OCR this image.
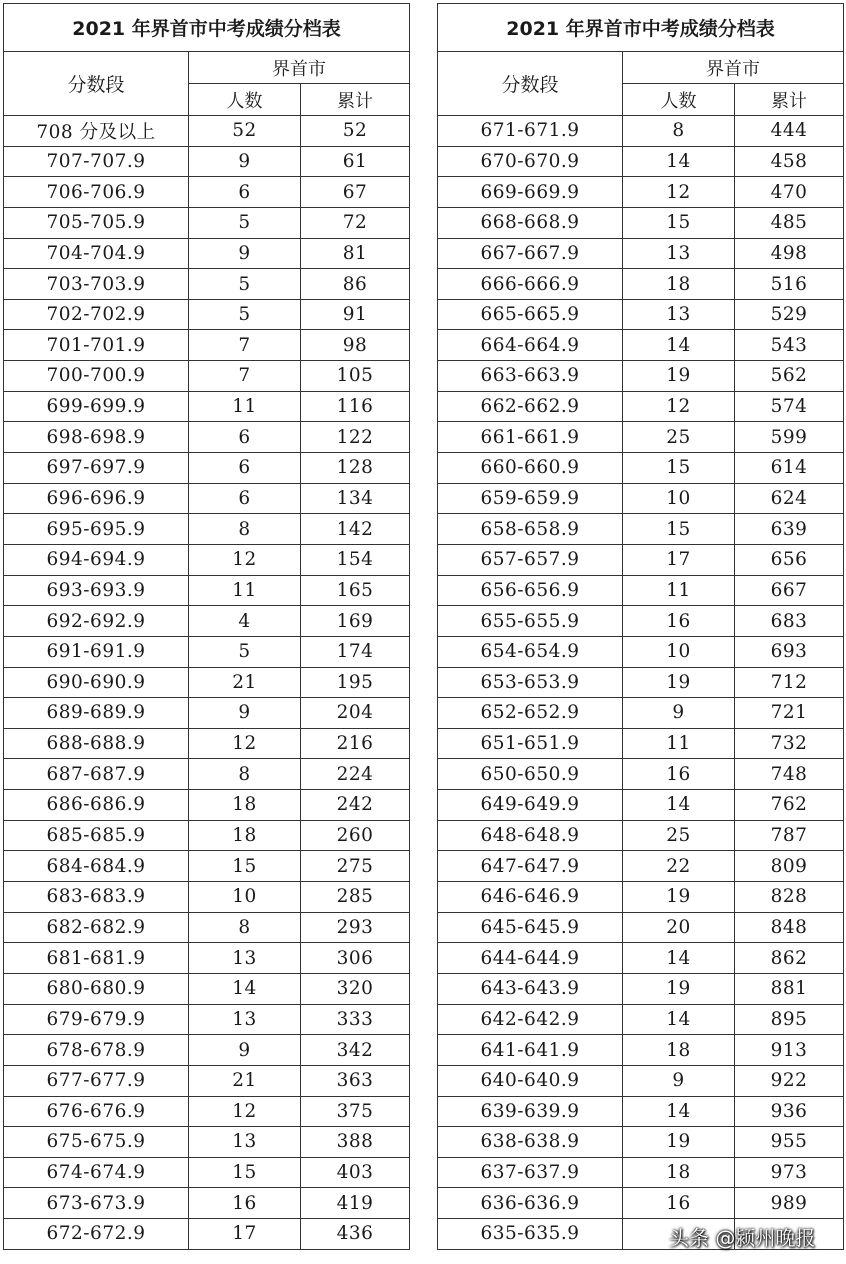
2021 年界首市中考成绩分档表		
分数段	界首市	
	人数	累计
708 分及以上	52	52
707-707.9	9	61
706-706.9	6	67
705-705.9	5	72
704-704.9	9	81
703-703.9	5	86
702-702.9	5	91
701-701.9	7	98
700-700.9	7	105
699-699.9	11	116
698-698.9	6	122
697-697.9	6	128
696-696.9	6	134
695-695.9	8	142
694-694.9	12	154
693-693.9	11	165
692-692.9	4	169
691-691.9	5	174
690-690.9	21	195
689-689.9	9	204
688-688.9	12	216
687-687.9	8	224
686-686.9	18	242
685-685.9	18	260
684-684.9	15	275
683-683.9	10	285
682-682.9	8	293
681-681.9	13	306
680-680.9	14	320
679-679.9	13	333
678-678.9	9	342
677-677.9	21	363
676-676.9	12	375
675-675.9	13	388
674-674.9	15	403
673-673.9	16	419
672-672.9	17	436
2021 年界首市中考成绩分档表		
分数段	界首市	
	人数	累计
671-671.9	8	444
670-670.9	14	458
669-669.9	12	470
668-668.9	15	485
667-667.9	13	498
666-666.9	18	516
665-665.9	13	529
664-664.9	14	543
663-663.9	19	562
662-662.9	12	574
661-661.9	25	599
660-660.9	15	614
659-659.9	10	624
658-658.9	15	639
657-657.9	17	656
656-656.9	11	667
655-655.9	16	683
654-654.9	10	693
653-653.9	19	712
652-652.9	9	721
651-651.9	11	732
650-650.9	16	748
649-649.9	14	762
648-648.9	25	787
647-647.9	22	809
646-646.9	19	828
645-645.9	20	848
644-644.9	14	862
643-643.9	19	881
642-642.9	14	895
641-641.9	18	913
640-640.9	9	922
639-639.9	14	936
638-638.9	19	955
637-637.9	18	973
636-636.9	16	989
635-635.9			头条 @颍州晚报
